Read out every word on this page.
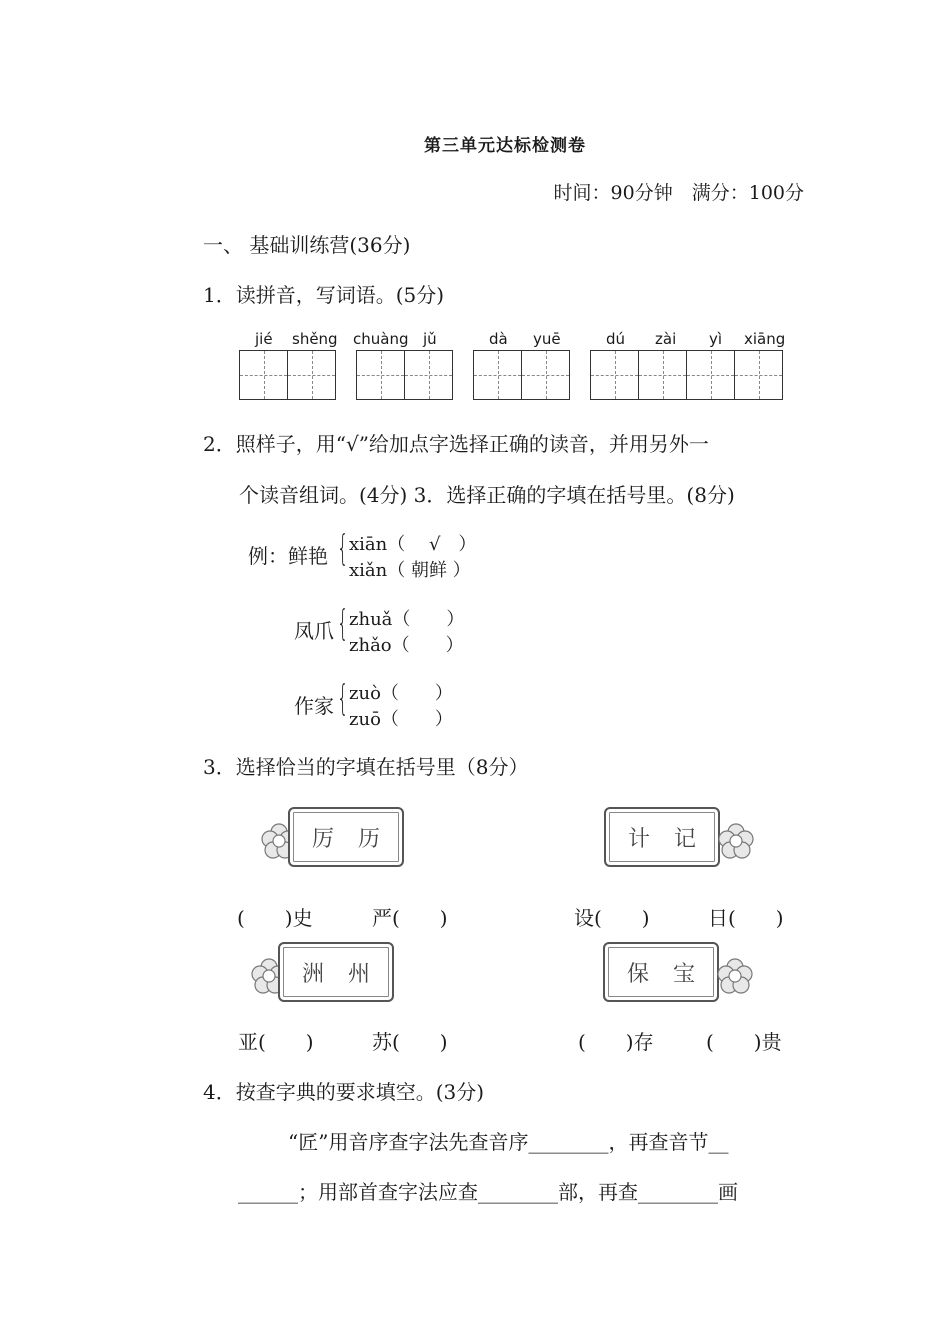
第三单元达标检测卷
时间：90分钟　满分：100分
一、 基础训练营(36分)
1．读拼音，写词语。(5分)
jié shěng chuàng jǔ	dà yuē	dú zài yì xiāng
2．照样子，用“√”给加点字选择正确的读音，并用另外一
个读音组词。(4分) 3．选择正确的字填在括号里。(8分)
例：鲜艳 { xiān（　 √　）
xiǎn（ 朝鲜 ）
凤爪 { zhuǎ（　　）
zhǎo（　　）
作家 { zuò（　　）
zuō（　　）
3．选择恰当的字填在括号里（8分）
厉 历	计 记
(　　)史	严(　　)	设(　　)	日(　　)
洲 州	保 宝
亚(　　)	苏(　　)	(　　)存	(　　)贵
4．按查字典的要求填空。(3分)
“匠”用音序查字法先查音序________，再查音节__
______；用部首查字法应查________部，再查________画
